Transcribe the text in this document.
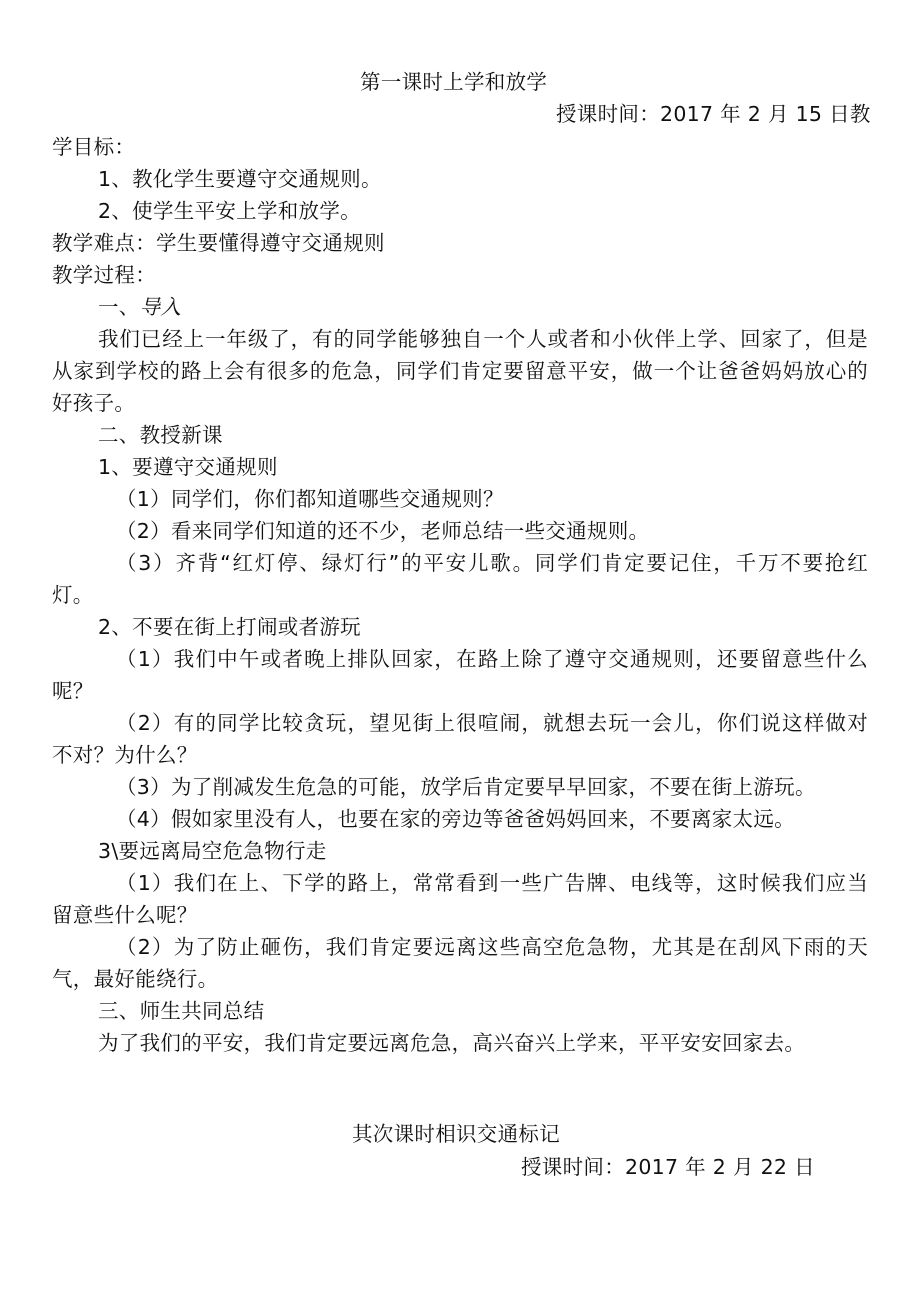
第一课时上学和放学
授课时间：2017 年 2 月 15 日教
学目标：
1、教化学生要遵守交通规则。
2、使学生平安上学和放学。
教学难点：学生要懂得遵守交通规则
教学过程：
一、导入
我们已经上一年级了，有的同学能够独自一个人或者和小伙伴上学、回家了，但是
从家到学校的路上会有很多的危急，同学们肯定要留意平安，做一个让爸爸妈妈放心的
好孩子。
二、教授新课
1、要遵守交通规则
（1）同学们，你们都知道哪些交通规则？
（2）看来同学们知道的还不少，老师总结一些交通规则。
（3）齐背“红灯停、绿灯行”的平安儿歌。同学们肯定要记住，千万不要抢红
灯。
2、不要在街上打闹或者游玩
（1）我们中午或者晚上排队回家，在路上除了遵守交通规则，还要留意些什么
呢？
（2）有的同学比较贪玩，望见街上很喧闹，就想去玩一会儿，你们说这样做对
不对？为什么？
（3）为了削减发生危急的可能，放学后肯定要早早回家，不要在街上游玩。
（4）假如家里没有人，也要在家的旁边等爸爸妈妈回来，不要离家太远。
3\要远离局空危急物行走
（1）我们在上、下学的路上，常常看到一些广告牌、电线等，这时候我们应当
留意些什么呢？
（2）为了防止砸伤，我们肯定要远离这些高空危急物，尤其是在刮风下雨的天
气，最好能绕行。
三、师生共同总结
为了我们的平安，我们肯定要远离危急，高兴奋兴上学来，平平安安回家去。
其次课时相识交通标记
授课时间：2017 年 2 月 22 日
